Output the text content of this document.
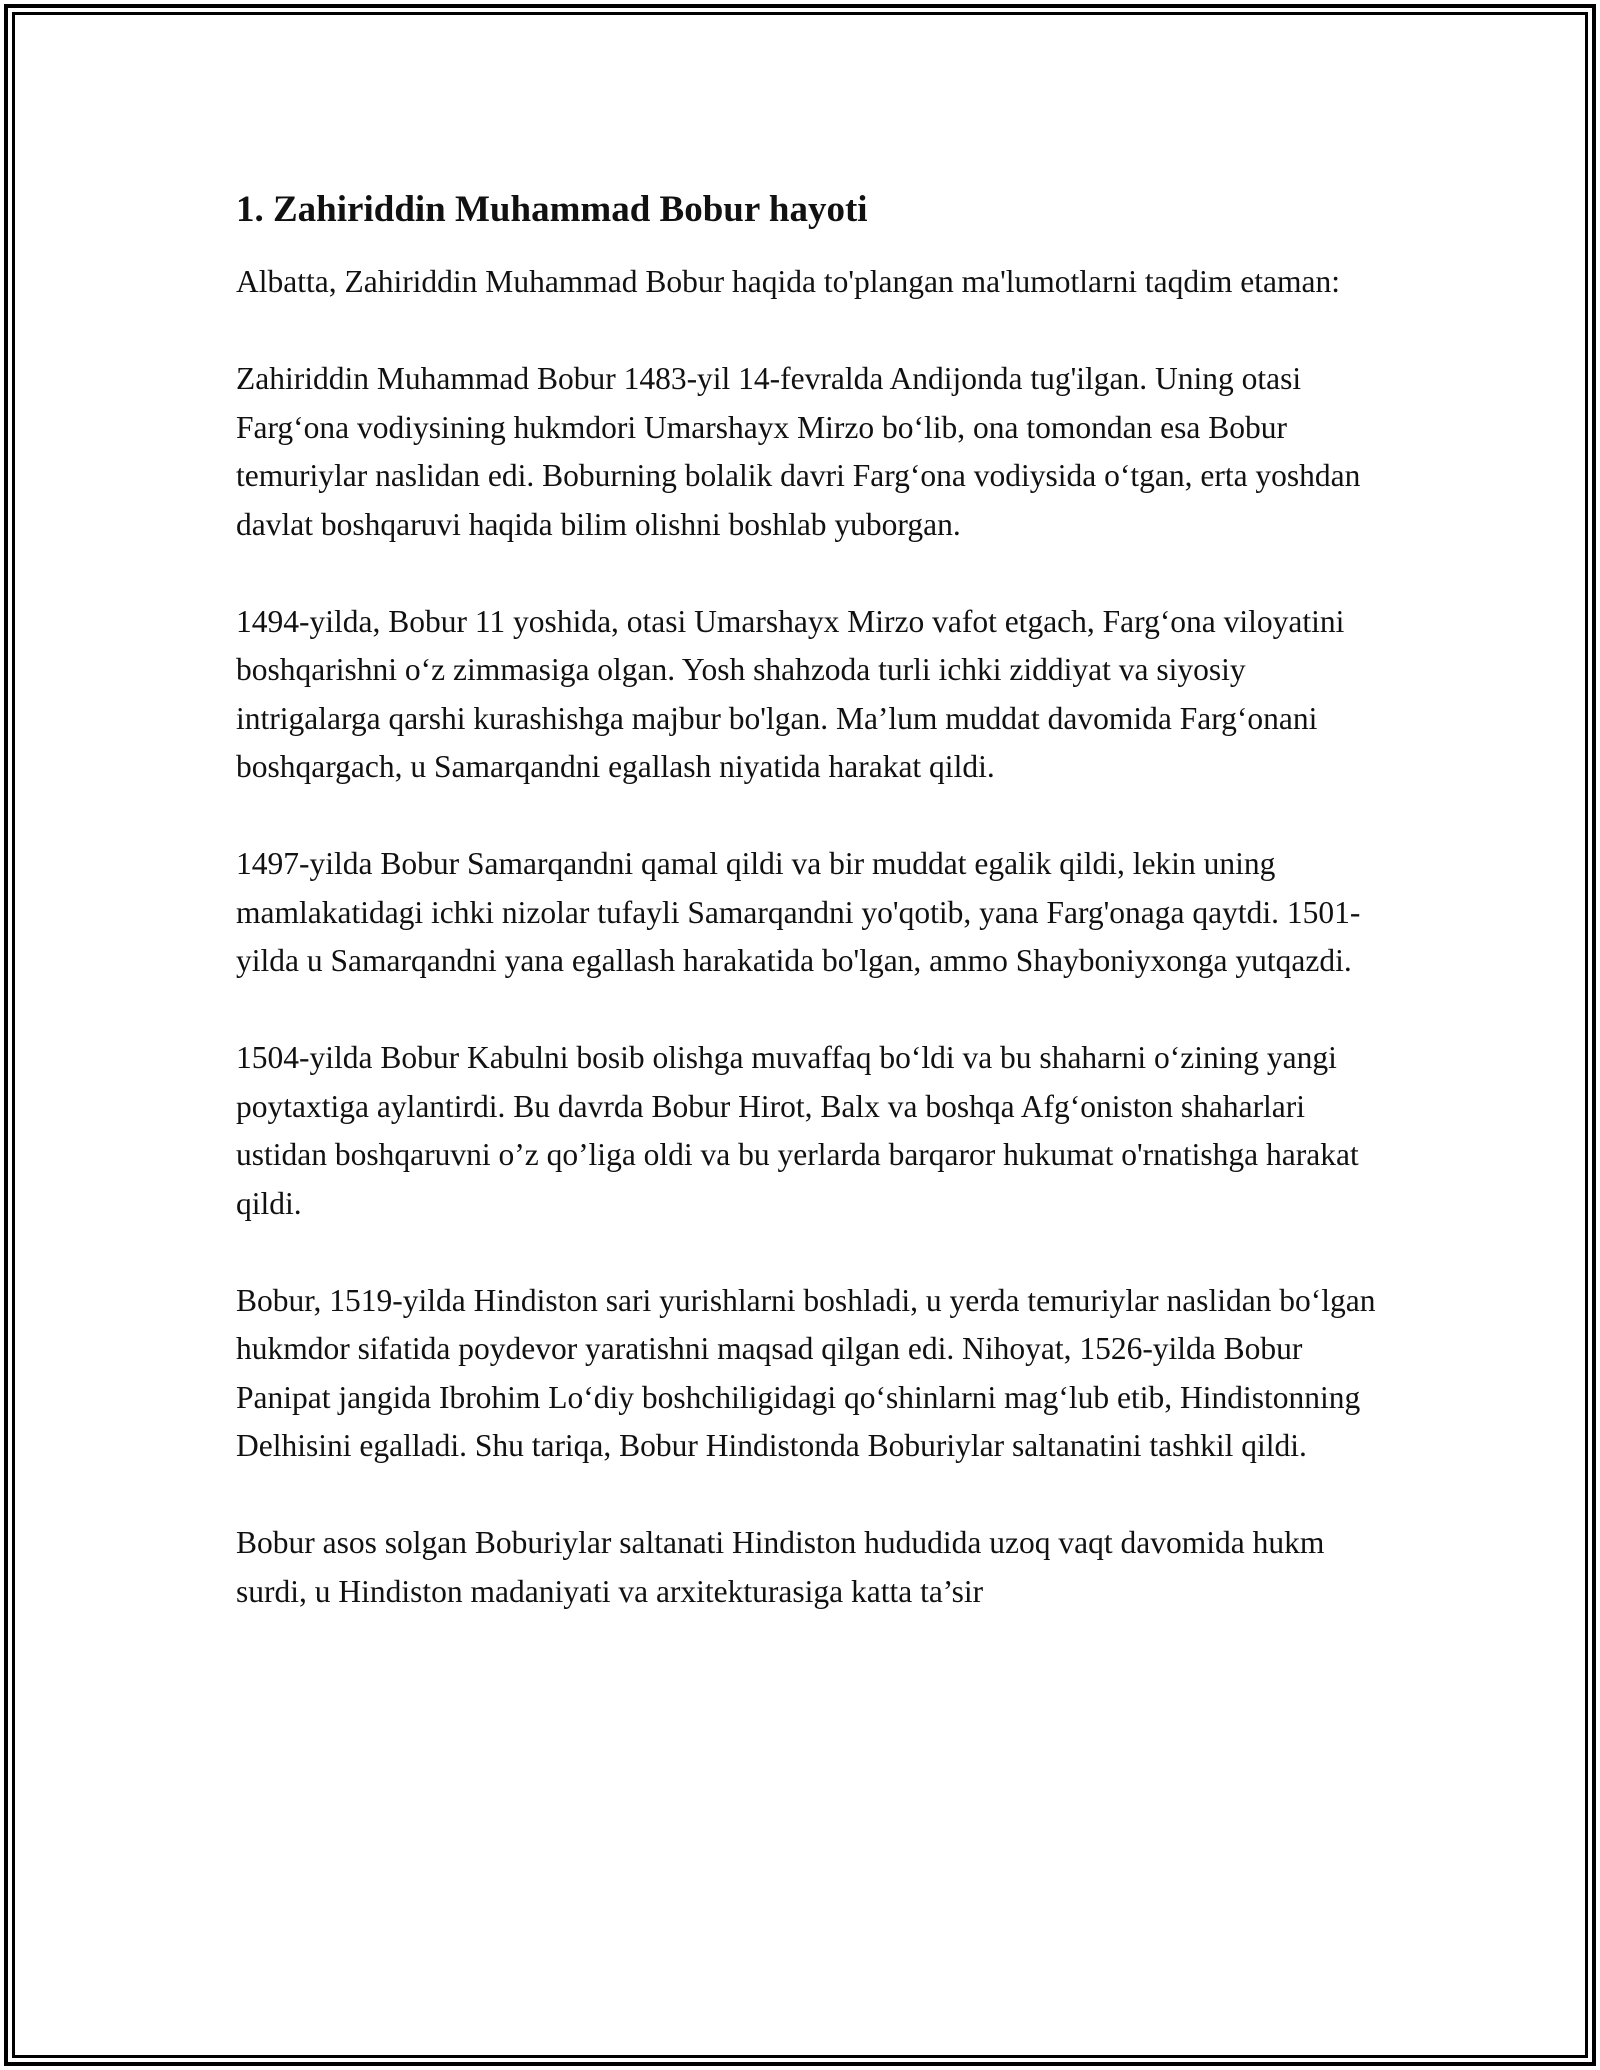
1. Zahiriddin Muhammad Bobur hayoti

Albatta, Zahiriddin Muhammad Bobur haqida to'plangan ma'lumotlarni taqdim etaman:

Zahiriddin Muhammad Bobur 1483-yil 14-fevralda Andijonda tug'ilgan. Uning otasi Farg‘ona vodiysining hukmdori Umarshayx Mirzo bo‘lib, ona tomondan esa Bobur temuriylar naslidan edi. Boburning bolalik davri Farg‘ona vodiysida o‘tgan, erta yoshdan davlat boshqaruvi haqida bilim olishni boshlab yuborgan.

1494-yilda, Bobur 11 yoshida, otasi Umarshayx Mirzo vafot etgach, Farg‘ona viloyatini boshqarishni o‘z zimmasiga olgan. Yosh shahzoda turli ichki ziddiyat va siyosiy intrigalarga qarshi kurashishga majbur bo'lgan. Ma’lum muddat davomida Farg‘onani boshqargach, u Samarqandni egallash niyatida harakat qildi.

1497-yilda Bobur Samarqandni qamal qildi va bir muddat egalik qildi, lekin uning mamlakatidagi ichki nizolar tufayli Samarqandni yo'qotib, yana Farg'onaga qaytdi. 1501-yilda u Samarqandni yana egallash harakatida bo'lgan, ammo Shayboniyxonga yutqazdi.

1504-yilda Bobur Kabulni bosib olishga muvaffaq bo‘ldi va bu shaharni o‘zining yangi poytaxtiga aylantirdi. Bu davrda Bobur Hirot, Balx va boshqa Afg‘oniston shaharlari ustidan boshqaruvni o’z qo’liga oldi va bu yerlarda barqaror hukumat o'rnatishga harakat qildi.

Bobur, 1519-yilda Hindiston sari yurishlarni boshladi, u yerda temuriylar naslidan bo‘lgan hukmdor sifatida poydevor yaratishni maqsad qilgan edi. Nihoyat, 1526-yilda Bobur Panipat jangida Ibrohim Lo‘diy boshchiligidagi qo‘shinlarni mag‘lub etib, Hindistonning Delhisini egalladi. Shu tariqa, Bobur Hindistonda Boburiylar saltanatini tashkil qildi.

Bobur asos solgan Boburiylar saltanati Hindiston hududida uzoq vaqt davomida hukm surdi, u Hindiston madaniyati va arxitekturasiga katta ta’sir
